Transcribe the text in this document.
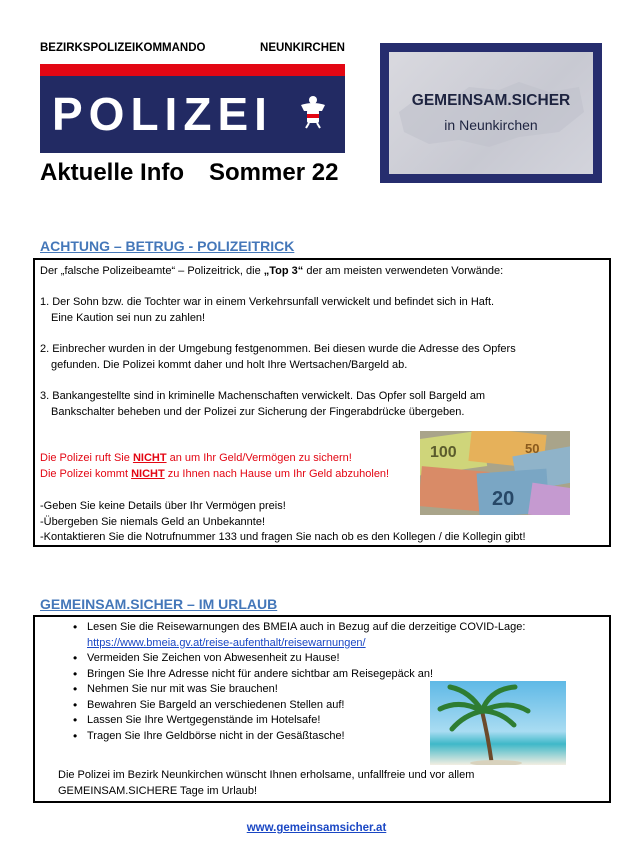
BEZIRKSPOLIZEIKOMMANDO	NEUNKIRCHEN
POLIZEI
Aktuelle Info Sommer 22
GEMEINSAM.SICHER
in Neunkirchen
ACHTUNG – BETRUG - POLIZEITRICK
Der „falsche Polizeibeamte“ – Polizeitrick, die „Top 3“ der am meisten verwendeten Vorwände:
1. Der Sohn bzw. die Tochter war in einem Verkehrsunfall verwickelt und befindet sich in Haft.
Eine Kaution sei nun zu zahlen!
2. Einbrecher wurden in der Umgebung festgenommen. Bei diesen wurde die Adresse des Opfers
gefunden. Die Polizei kommt daher und holt Ihre Wertsachen/Bargeld ab.
3. Bankangestellte sind in kriminelle Machenschaften verwickelt. Das Opfer soll Bargeld am
Bankschalter beheben und der Polizei zur Sicherung der Fingerabdrücke übergeben.
Die Polizei ruft Sie NICHT an um Ihr Geld/Vermögen zu sichern!
Die Polizei kommt NICHT zu Ihnen nach Hause um Ihr Geld abzuholen!
100
20
50
-Geben Sie keine Details über Ihr Vermögen preis!
-Übergeben Sie niemals Geld an Unbekannte!
-Kontaktieren Sie die Notrufnummer 133 und fragen Sie nach ob es den Kollegen / die Kollegin gibt!
GEMEINSAM.SICHER – IM URLAUB
• Lesen Sie die Reisewarnungen des BMEIA auch in Bezug auf die derzeitige COVID-Lage:
https://www.bmeia.gv.at/reise-aufenthalt/reisewarnungen/
• Vermeiden Sie Zeichen von Abwesenheit zu Hause!
• Bringen Sie Ihre Adresse nicht für andere sichtbar am Reisegepäck an!
• Nehmen Sie nur mit was Sie brauchen!
• Bewahren Sie Bargeld an verschiedenen Stellen auf!
• Lassen Sie Ihre Wertgegenstände im Hotelsafe!
• Tragen Sie Ihre Geldbörse nicht in der Gesäßtasche!
Die Polizei im Bezirk Neunkirchen wünscht Ihnen erholsame, unfallfreie und vor allem
GEMEINSAM.SICHERE Tage im Urlaub!
www.gemeinsamsicher.at
